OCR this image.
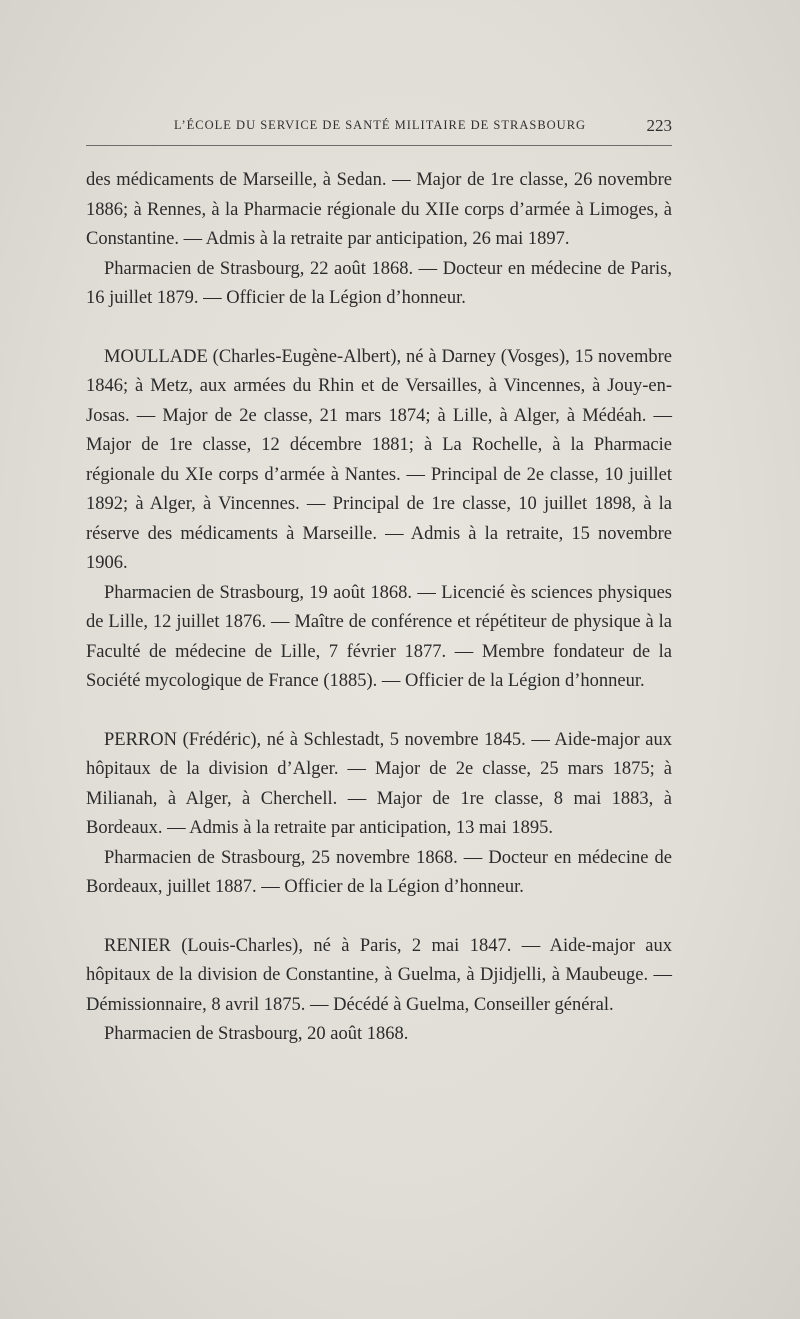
L’ÉCOLE DU SERVICE DE SANTÉ MILITAIRE DE STRASBOURG	223

des médicaments de Marseille, à Sedan. — Major de 1re classe, 26 novembre 1886; à Rennes, à la Pharmacie régionale du XIIe corps d’armée à Limoges, à Constantine. — Admis à la retraite par anticipation, 26 mai 1897.

Pharmacien de Strasbourg, 22 août 1868. — Docteur en médecine de Paris, 16 juillet 1879. — Officier de la Légion d’honneur.

MOULLADE (Charles-Eugène-Albert), né à Darney (Vosges), 15 novembre 1846; à Metz, aux armées du Rhin et de Versailles, à Vincennes, à Jouy-en-Josas. — Major de 2e classe, 21 mars 1874; à Lille, à Alger, à Médéah. — Major de 1re classe, 12 décembre 1881; à La Rochelle, à la Pharmacie régionale du XIe corps d’armée à Nantes. — Principal de 2e classe, 10 juillet 1892; à Alger, à Vincennes. — Principal de 1re classe, 10 juillet 1898, à la réserve des médicaments à Marseille. — Admis à la retraite, 15 novembre 1906.

Pharmacien de Strasbourg, 19 août 1868. — Licencié ès sciences physiques de Lille, 12 juillet 1876. — Maître de conférence et répétiteur de physique à la Faculté de médecine de Lille, 7 février 1877. — Membre fondateur de la Société mycologique de France (1885). — Officier de la Légion d’honneur.

PERRON (Frédéric), né à Schlestadt, 5 novembre 1845. — Aide-major aux hôpitaux de la division d’Alger. — Major de 2e classe, 25 mars 1875; à Milianah, à Alger, à Cherchell. — Major de 1re classe, 8 mai 1883, à Bordeaux. — Admis à la retraite par anticipation, 13 mai 1895.

Pharmacien de Strasbourg, 25 novembre 1868. — Docteur en médecine de Bordeaux, juillet 1887. — Officier de la Légion d’honneur.

RENIER (Louis-Charles), né à Paris, 2 mai 1847. — Aide-major aux hôpitaux de la division de Constantine, à Guelma, à Djidjelli, à Maubeuge. — Démissionnaire, 8 avril 1875. — Décédé à Guelma, Conseiller général.

Pharmacien de Strasbourg, 20 août 1868.
